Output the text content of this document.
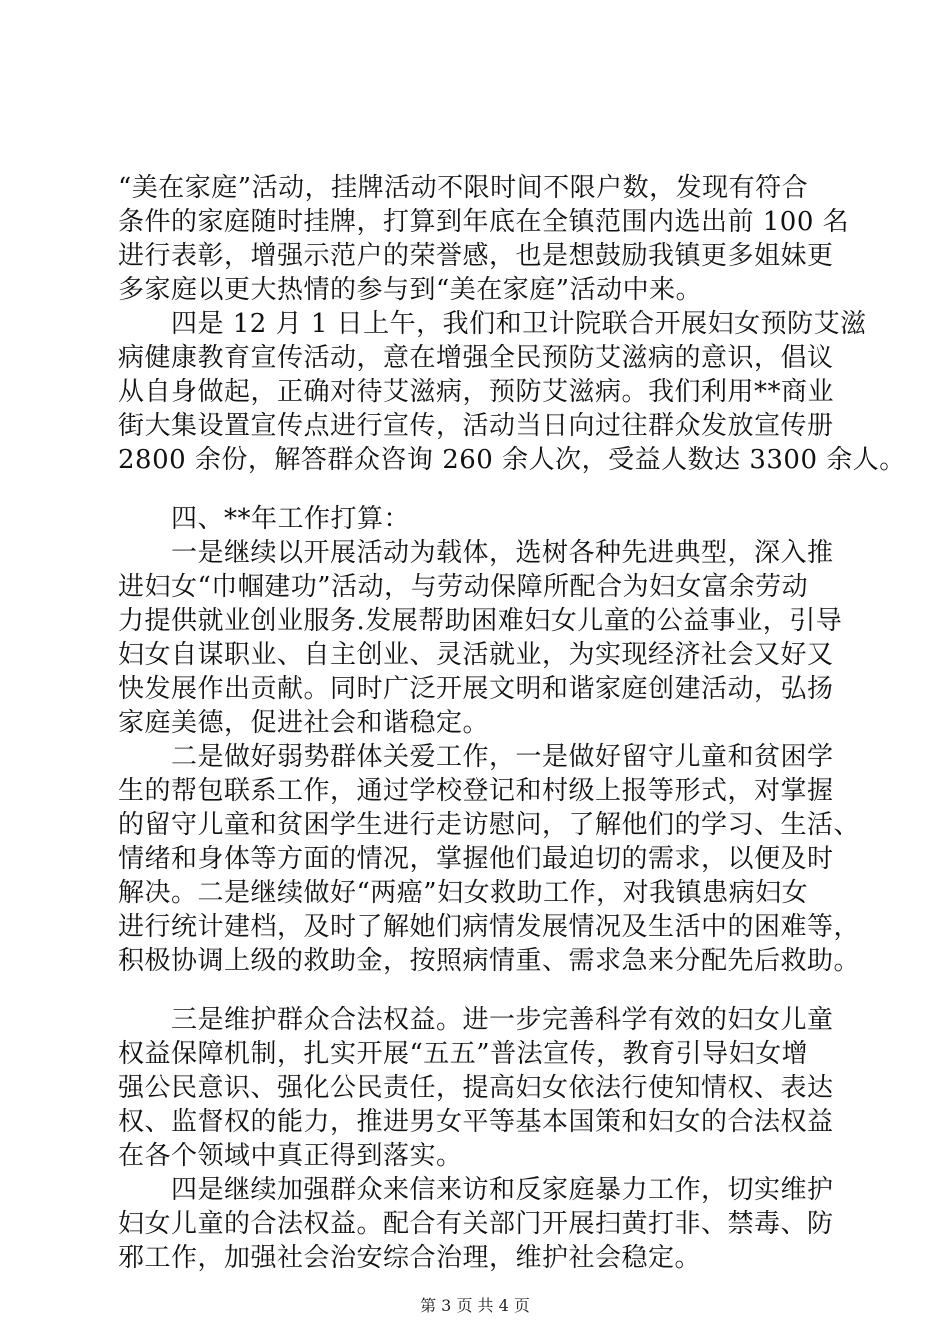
“美在家庭”活动，挂牌活动不限时间不限户数，发现有符合
条件的家庭随时挂牌，打算到年底在全镇范围内选出前 100 名
进行表彰，增强示范户的荣誉感，也是想鼓励我镇更多姐妹更
多家庭以更大热情的参与到“美在家庭”活动中来。
　　四是 12 月 1 日上午，我们和卫计院联合开展妇女预防艾滋
病健康教育宣传活动，意在增强全民预防艾滋病的意识，倡议
从自身做起，正确对待艾滋病，预防艾滋病。我们利用**商业
街大集设置宣传点进行宣传，活动当日向过往群众发放宣传册
2800 余份，解答群众咨询 260 余人次，受益人数达 3300 余人。
　　四、**年工作打算：
　　一是继续以开展活动为载体，选树各种先进典型，深入推
进妇女“巾帼建功”活动，与劳动保障所配合为妇女富余劳动
力提供就业创业服务.发展帮助困难妇女儿童的公益事业，引导
妇女自谋职业、自主创业、灵活就业，为实现经济社会又好又
快发展作出贡献。同时广泛开展文明和谐家庭创建活动，弘扬
家庭美德，促进社会和谐稳定。
　　二是做好弱势群体关爱工作，一是做好留守儿童和贫困学
生的帮包联系工作，通过学校登记和村级上报等形式，对掌握
的留守儿童和贫困学生进行走访慰问，了解他们的学习、生活、
情绪和身体等方面的情况，掌握他们最迫切的需求，以便及时
解决。二是继续做好“两癌”妇女救助工作，对我镇患病妇女
进行统计建档，及时了解她们病情发展情况及生活中的困难等，
积极协调上级的救助金，按照病情重、需求急来分配先后救助。
　　三是维护群众合法权益。进一步完善科学有效的妇女儿童
权益保障机制，扎实开展“五五”普法宣传，教育引导妇女增
强公民意识、强化公民责任，提高妇女依法行使知情权、表达
权、监督权的能力，推进男女平等基本国策和妇女的合法权益
在各个领域中真正得到落实。
　　四是继续加强群众来信来访和反家庭暴力工作，切实维护
妇女儿童的合法权益。配合有关部门开展扫黄打非、禁毒、防
邪工作，加强社会治安综合治理，维护社会稳定。
第 3 页 共 4 页
